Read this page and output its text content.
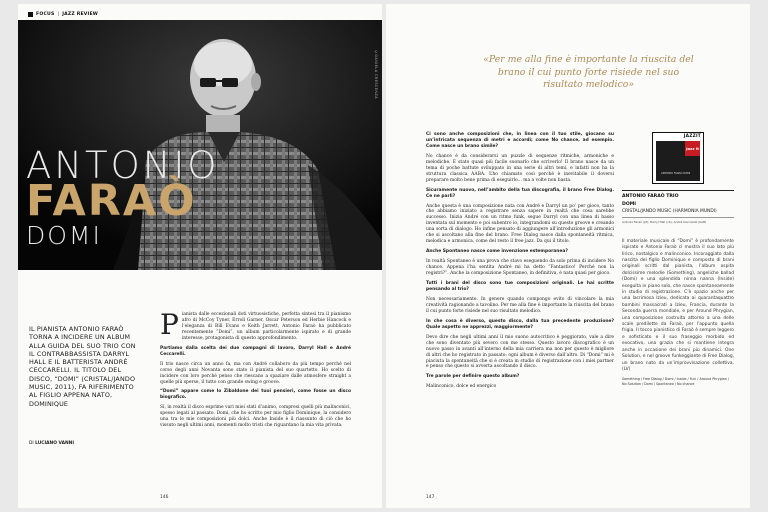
FOCUS | JAZZ REVIEW
©DANIELA CRESCENZA
ANTONIO
FARAÒ
DOMI
IL PIANISTA ANTONIO FARAÒ TORNA A INCIDERE UN ALBUM ALLA GUIDA DEL SUO TRIO CON IL CONTRABBASSISTA DARRYL HALL E IL BATTERISTA ANDRÉ CECCARELLI. IL TITOLO DEL DISCO, “DOMI” (CRISTAL/JANDO MUSIC, 2011), FA RIFERIMENTO AL FIGLIO APPENA NATO, DOMINIQUE
DI LUCIANO VANNI

P ianista dalle eccezionali doti virtuosistiche, perfetta sintesi tra il pianismo afro di McCoy Tyner, Erroll Garner, Oscar Peterson ed Herbie Hancock e l’eleganza di Bill Evans e Keith Jarrett, Antonio Faraò ha pubblicato recentemente “Domi”, un album particolarmente ispirato e di grande interesse, protagonista di questo approfondimento.

Partiamo dalla scelta dei due compagni di lavoro, Darryl Hall e André Ceccarelli.

Il trio nasce circa un anno fa, ma con André collaboro da più tempo perché nel corso degli anni Novanta sono stato il pianista del suo quartetto. Ho scelto di incidere con loro perché penso che riescano a spaziare dalle atmosfere straight a quelle più sperse, il tutto con grande swing e groove.

“Domi” appare come lo Zibaldone dei tuoi pensieri, come fosse un disco biografico.

Sì, in realtà il disco esprime vari miei stati d’animo, compresi quelli più malinconici, spesso legati al passato. Domi, che ho scritto per mio figlio Dominique, la considero una tra le mie composizioni più dolci. Anche Inside è il riassunto di ciò che ho vissuto negli ultimi anni, momenti molto tristi che riguardano la mia vita privata.

146
«Per me alla fine è importante la riuscita del brano il cui punto forte risiede nel suo risultato melodico»

Ci sono anche composizioni che, in linea con il tuo stile, giocano su un’intricata sequenza di metri e accordi; come No chance, ad esempio. Come nasce un brano simile?

No chance è da considerarsi un puzzle di sequenze ritmiche, armoniche e melodiche. È stato quasi più facile suonarlo che scriverlo! Il brano nasce da un tema di poche battute sviluppato in una serie di altri temi, e infatti non ha la struttura classica AABA. L’ho chiamato così perché è inevitabile il doversi preparare molto bene prima di eseguirlo... ma a volte non basta.

Sicuramente nuovo, nell’ambito della tua discografia, il brano Free Dialog. Ce ne parli?

Anche questa è una composizione nata con André e Darryl un po’ per gioco, tanto che abbiamo iniziato a registrare senza sapere in realtà che cosa sarebbe successo. Inizia André con un ritmo funk, segue Darryl con una linea di basso inventata sul momento e poi subentro io, integrandomi su questo groove e creando una sorta di dialogo. Ho infine pensato di aggiungere all’introduzione gli armonici che si ascoltano alla fine del brano. Free Dialog nasce dalla spontaneità ritmica, melodica e armonica, come del resto il free jazz. Da qui il titolo.

Anche Spontaneo nasce come invenzione estemporanea?

In realtà Spontaneo è una prova che stavo eseguendo da solo prima di incidere No chance. Appena l’ha sentita André mi ha detto “Fantastico! Perché non la registri?”. Anche la composizione Spontaneo, in definitiva, è nata quasi per gioco.

Tutti i brani del disco sono tue composizioni originali. Le hai scritte pensando al trio?

Non necessariamente. In genere quando compongo evito di vincolare la mia creatività ragionando a tavolino. Per me alla fine è importante la riuscita del brano il cui punto forte risiede nel suo risultato melodico.

In che cosa è diverso, questo disco, dalla tua precedente produzione? Quale aspetto ne apprezzi, maggiormente?

Devo dire che negli ultimi anni il mio suono autocritico è peggiorato, vale a dire che sono diventato più severo con me stesso. Questo lavoro discografico è un nuovo passo in avanti all’interno della mia carriera ma non per questo è migliore di altri che ho registrato in passato: ogni album è diverso dall’altro. Di “Domi” mi è piaciuta la spontaneità che si è creata in studio di registrazione con i miei partner e penso che questo si avverta ascoltando il disco.

Tre parole per definire questo album?

Malinconico, dolce ed energico

JAZZIT
Jazz it
ANTONIO FARAÒ DOMI
ANTONIO FARAÒ TRIO
DOMI
CRISTAL/JANDO MUSIC (HARMONIA MUNDI)
Antonio Faraò (pf); Darryl Hall (cb); André Ceccarelli (batt)
Il materiale musicale di “Domi” è profondamente ispirato e Antonio Faraò ci mostra il suo lato più lirico, nostalgico e malinconico. Incoraggiato dalla nascita del figlio Dominique e composto di brani originali scritti dal pianista, l’album ospita dolcissime melodie (Something), angeliche ballad (Domi) e una splendida ninna nanna (Inside) eseguita in piano solo, che nasce spontaneamente in studio di registrazione. C’è spazio anche per una lacrimosa Izieu, dedicata ai quarantaquattro bambini massacrati a Izieu, Francia, durante la Seconda guerra mondiale, e per Around Phrygian, una composizione costruita attorno a una delle scale predilette da Faraò, per l’appunto quella frigia. Il tocco pianistico di Faraò è sempre leggero e sofisticato e il suo fraseggio morbido ed evocativo, una grazia che si mantiene integra anche in occasione dei brani più dinamici. One Solution, e nel groove funkeggiante di Free Dialog, un brano nato da un’improvvisazione collettiva. (LV)
Something / Free Dialog / Domi / Inside / Fuci / Around Phrygian / No Solution / Domi / Spontaneo / No chance
147
